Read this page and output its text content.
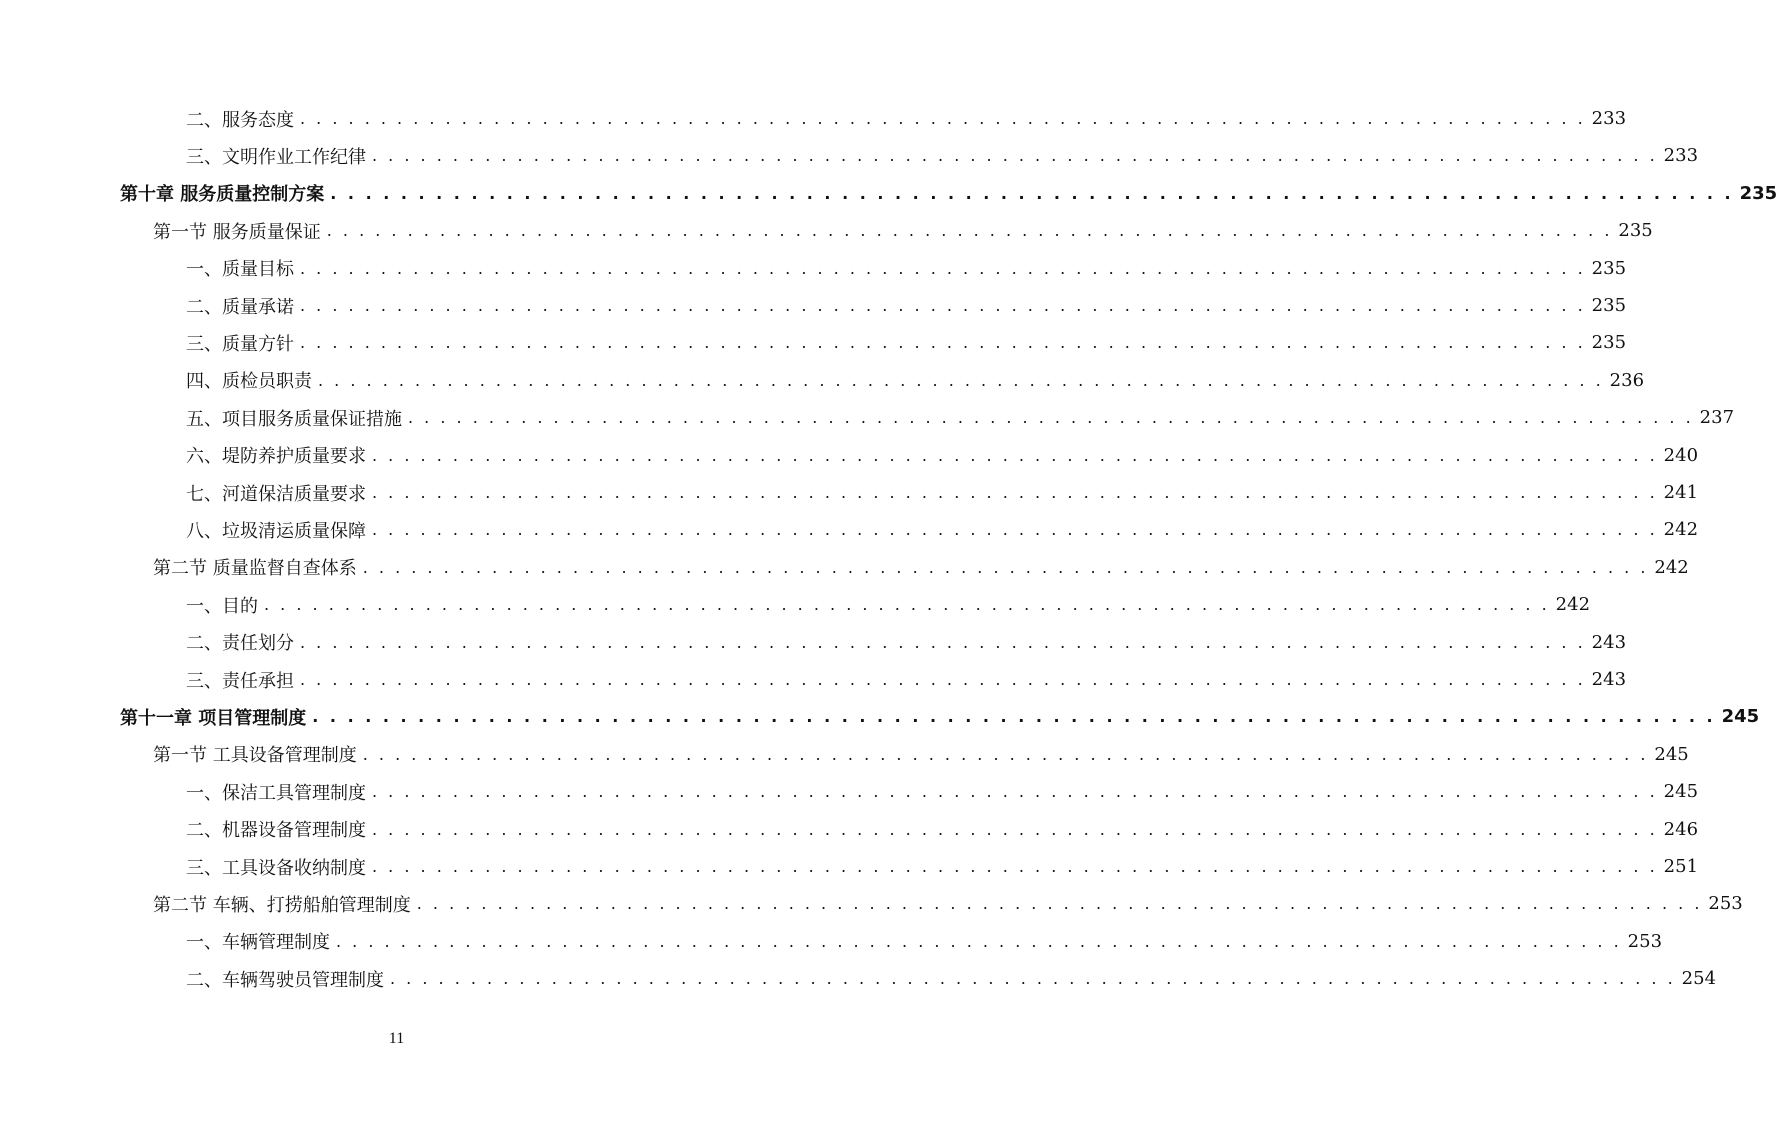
二、服务态度 . . . . . . . . . . . . . . . . . . . . . . . . . . . . . . . . . . . . . . . . . . . . . . . . . . . . . . . . . . . . . . . . . . . . . . . . . . . . . . . . 233
三、文明作业工作纪律 . . . . . . . . . . . . . . . . . . . . . . . . . . . . . . . . . . . . . . . . . . . . . . . . . . . . . . . . . . . . . . . . . . . . . . . . . . . . . . . . 233
第十章 服务质量控制方案 . . . . . . . . . . . . . . . . . . . . . . . . . . . . . . . . . . . . . . . . . . . . . . . . . . . . . . . . . . . . . . . . . . . . . . . . . . . . . . . . 235
第一节 服务质量保证 . . . . . . . . . . . . . . . . . . . . . . . . . . . . . . . . . . . . . . . . . . . . . . . . . . . . . . . . . . . . . . . . . . . . . . . . . . . . . . . . 235
一、质量目标 . . . . . . . . . . . . . . . . . . . . . . . . . . . . . . . . . . . . . . . . . . . . . . . . . . . . . . . . . . . . . . . . . . . . . . . . . . . . . . . . 235
二、质量承诺 . . . . . . . . . . . . . . . . . . . . . . . . . . . . . . . . . . . . . . . . . . . . . . . . . . . . . . . . . . . . . . . . . . . . . . . . . . . . . . . . 235
三、质量方针 . . . . . . . . . . . . . . . . . . . . . . . . . . . . . . . . . . . . . . . . . . . . . . . . . . . . . . . . . . . . . . . . . . . . . . . . . . . . . . . . 235
四、质检员职责 . . . . . . . . . . . . . . . . . . . . . . . . . . . . . . . . . . . . . . . . . . . . . . . . . . . . . . . . . . . . . . . . . . . . . . . . . . . . . . . . 236
五、项目服务质量保证措施 . . . . . . . . . . . . . . . . . . . . . . . . . . . . . . . . . . . . . . . . . . . . . . . . . . . . . . . . . . . . . . . . . . . . . . . . . . . . . . . . 237
六、堤防养护质量要求 . . . . . . . . . . . . . . . . . . . . . . . . . . . . . . . . . . . . . . . . . . . . . . . . . . . . . . . . . . . . . . . . . . . . . . . . . . . . . . . . 240
七、河道保洁质量要求 . . . . . . . . . . . . . . . . . . . . . . . . . . . . . . . . . . . . . . . . . . . . . . . . . . . . . . . . . . . . . . . . . . . . . . . . . . . . . . . . 241
八、垃圾清运质量保障 . . . . . . . . . . . . . . . . . . . . . . . . . . . . . . . . . . . . . . . . . . . . . . . . . . . . . . . . . . . . . . . . . . . . . . . . . . . . . . . . 242
第二节 质量监督自查体系 . . . . . . . . . . . . . . . . . . . . . . . . . . . . . . . . . . . . . . . . . . . . . . . . . . . . . . . . . . . . . . . . . . . . . . . . . . . . . . . . 242
一、目的 . . . . . . . . . . . . . . . . . . . . . . . . . . . . . . . . . . . . . . . . . . . . . . . . . . . . . . . . . . . . . . . . . . . . . . . . . . . . . . . . 242
二、责任划分 . . . . . . . . . . . . . . . . . . . . . . . . . . . . . . . . . . . . . . . . . . . . . . . . . . . . . . . . . . . . . . . . . . . . . . . . . . . . . . . . 243
三、责任承担 . . . . . . . . . . . . . . . . . . . . . . . . . . . . . . . . . . . . . . . . . . . . . . . . . . . . . . . . . . . . . . . . . . . . . . . . . . . . . . . . 243
第十一章 项目管理制度 . . . . . . . . . . . . . . . . . . . . . . . . . . . . . . . . . . . . . . . . . . . . . . . . . . . . . . . . . . . . . . . . . . . . . . . . . . . . . . . . 245
第一节 工具设备管理制度 . . . . . . . . . . . . . . . . . . . . . . . . . . . . . . . . . . . . . . . . . . . . . . . . . . . . . . . . . . . . . . . . . . . . . . . . . . . . . . . . 245
一、保洁工具管理制度 . . . . . . . . . . . . . . . . . . . . . . . . . . . . . . . . . . . . . . . . . . . . . . . . . . . . . . . . . . . . . . . . . . . . . . . . . . . . . . . . 245
二、机器设备管理制度 . . . . . . . . . . . . . . . . . . . . . . . . . . . . . . . . . . . . . . . . . . . . . . . . . . . . . . . . . . . . . . . . . . . . . . . . . . . . . . . . 246
三、工具设备收纳制度 . . . . . . . . . . . . . . . . . . . . . . . . . . . . . . . . . . . . . . . . . . . . . . . . . . . . . . . . . . . . . . . . . . . . . . . . . . . . . . . . 251
第二节 车辆、打捞船舶管理制度 . . . . . . . . . . . . . . . . . . . . . . . . . . . . . . . . . . . . . . . . . . . . . . . . . . . . . . . . . . . . . . . . . . . . . . . . . . . . . . . . 253
一、车辆管理制度 . . . . . . . . . . . . . . . . . . . . . . . . . . . . . . . . . . . . . . . . . . . . . . . . . . . . . . . . . . . . . . . . . . . . . . . . . . . . . . . . 253
二、车辆驾驶员管理制度 . . . . . . . . . . . . . . . . . . . . . . . . . . . . . . . . . . . . . . . . . . . . . . . . . . . . . . . . . . . . . . . . . . . . . . . . . . . . . . . . 254
11
